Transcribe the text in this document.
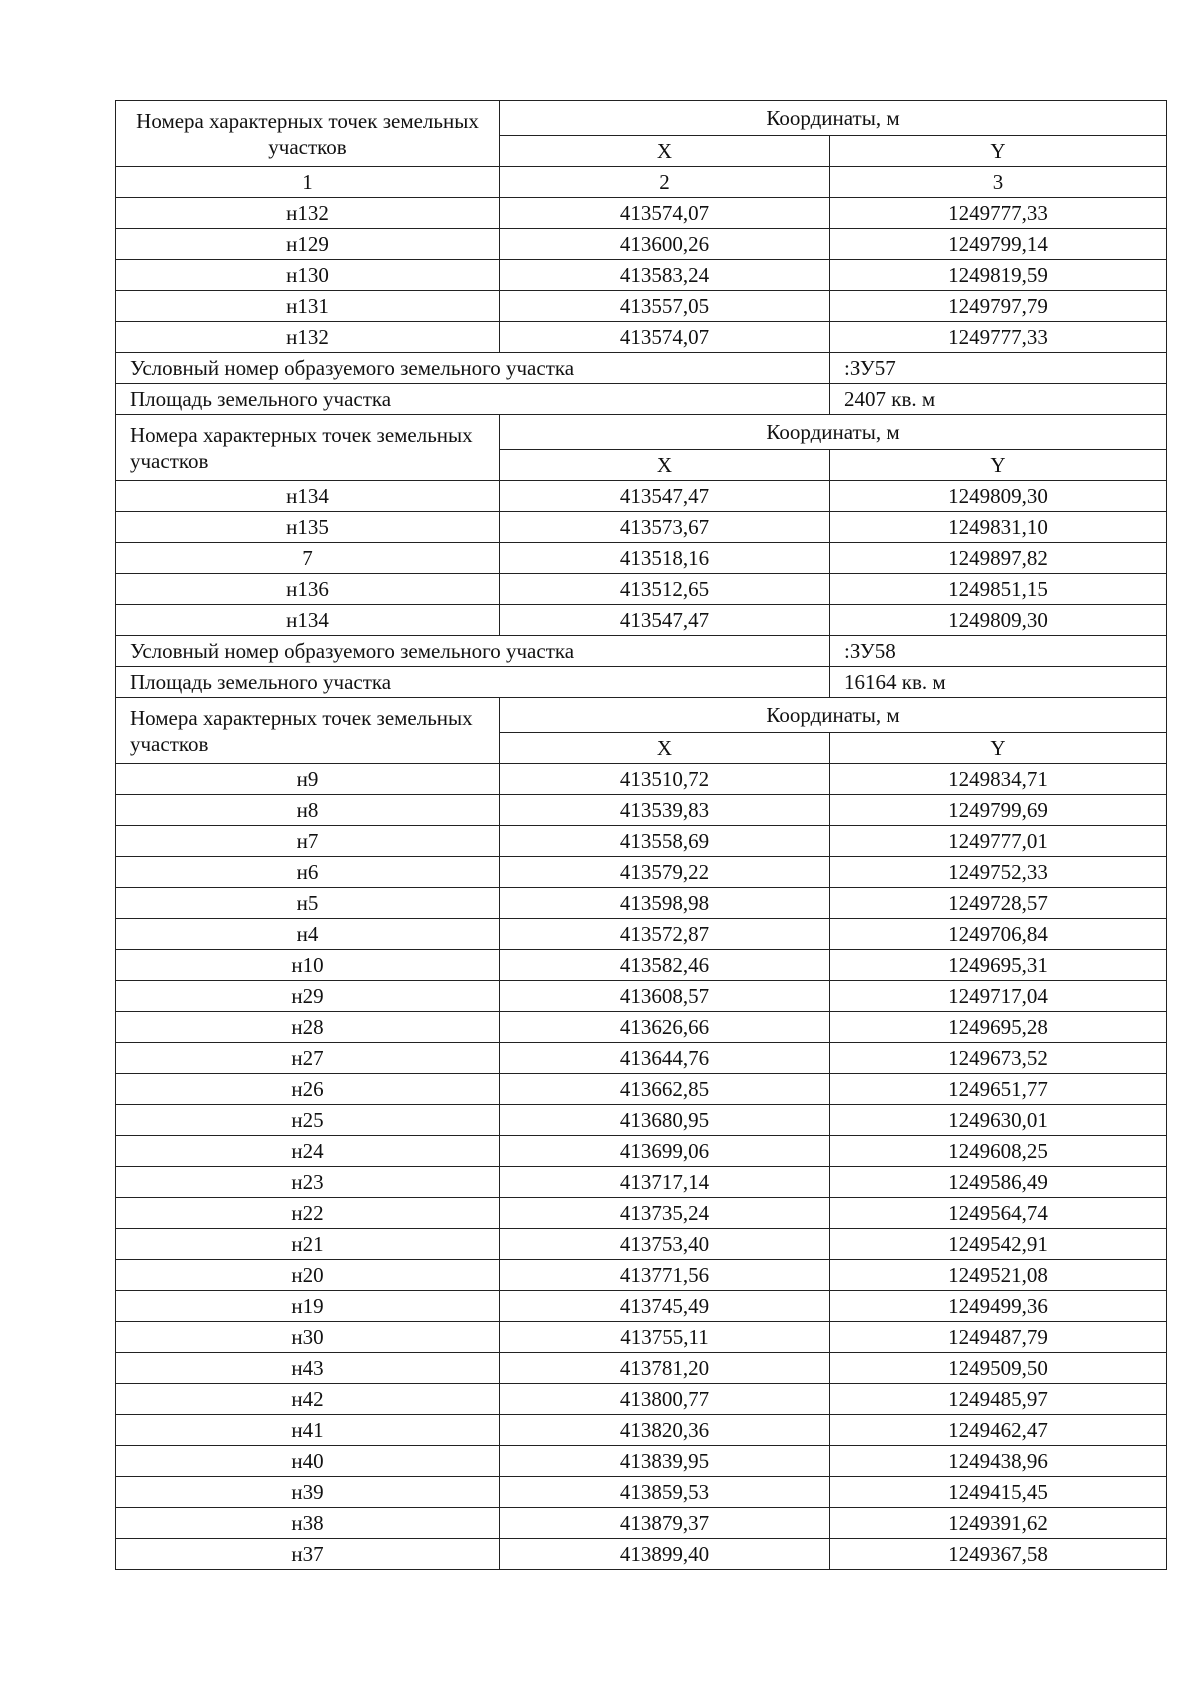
Номера характерных точек земельных участков	Координаты, м	
	X	Y
1	2	3
н132	413574,07	1249777,33
н129	413600,26	1249799,14
н130	413583,24	1249819,59
н131	413557,05	1249797,79
н132	413574,07	1249777,33
Условный номер образуемого земельного участка		:ЗУ57
Площадь земельного участка		2407 кв. м
Номера характерных точек земельных участков	Координаты, м	
	X	Y
н134	413547,47	1249809,30
н135	413573,67	1249831,10
7	413518,16	1249897,82
н136	413512,65	1249851,15
н134	413547,47	1249809,30
Условный номер образуемого земельного участка		:ЗУ58
Площадь земельного участка		16164 кв. м
Номера характерных точек земельных участков	Координаты, м	
	X	Y
н9	413510,72	1249834,71
н8	413539,83	1249799,69
н7	413558,69	1249777,01
н6	413579,22	1249752,33
н5	413598,98	1249728,57
н4	413572,87	1249706,84
н10	413582,46	1249695,31
н29	413608,57	1249717,04
н28	413626,66	1249695,28
н27	413644,76	1249673,52
н26	413662,85	1249651,77
н25	413680,95	1249630,01
н24	413699,06	1249608,25
н23	413717,14	1249586,49
н22	413735,24	1249564,74
н21	413753,40	1249542,91
н20	413771,56	1249521,08
н19	413745,49	1249499,36
н30	413755,11	1249487,79
н43	413781,20	1249509,50
н42	413800,77	1249485,97
н41	413820,36	1249462,47
н40	413839,95	1249438,96
н39	413859,53	1249415,45
н38	413879,37	1249391,62
н37	413899,40	1249367,58
